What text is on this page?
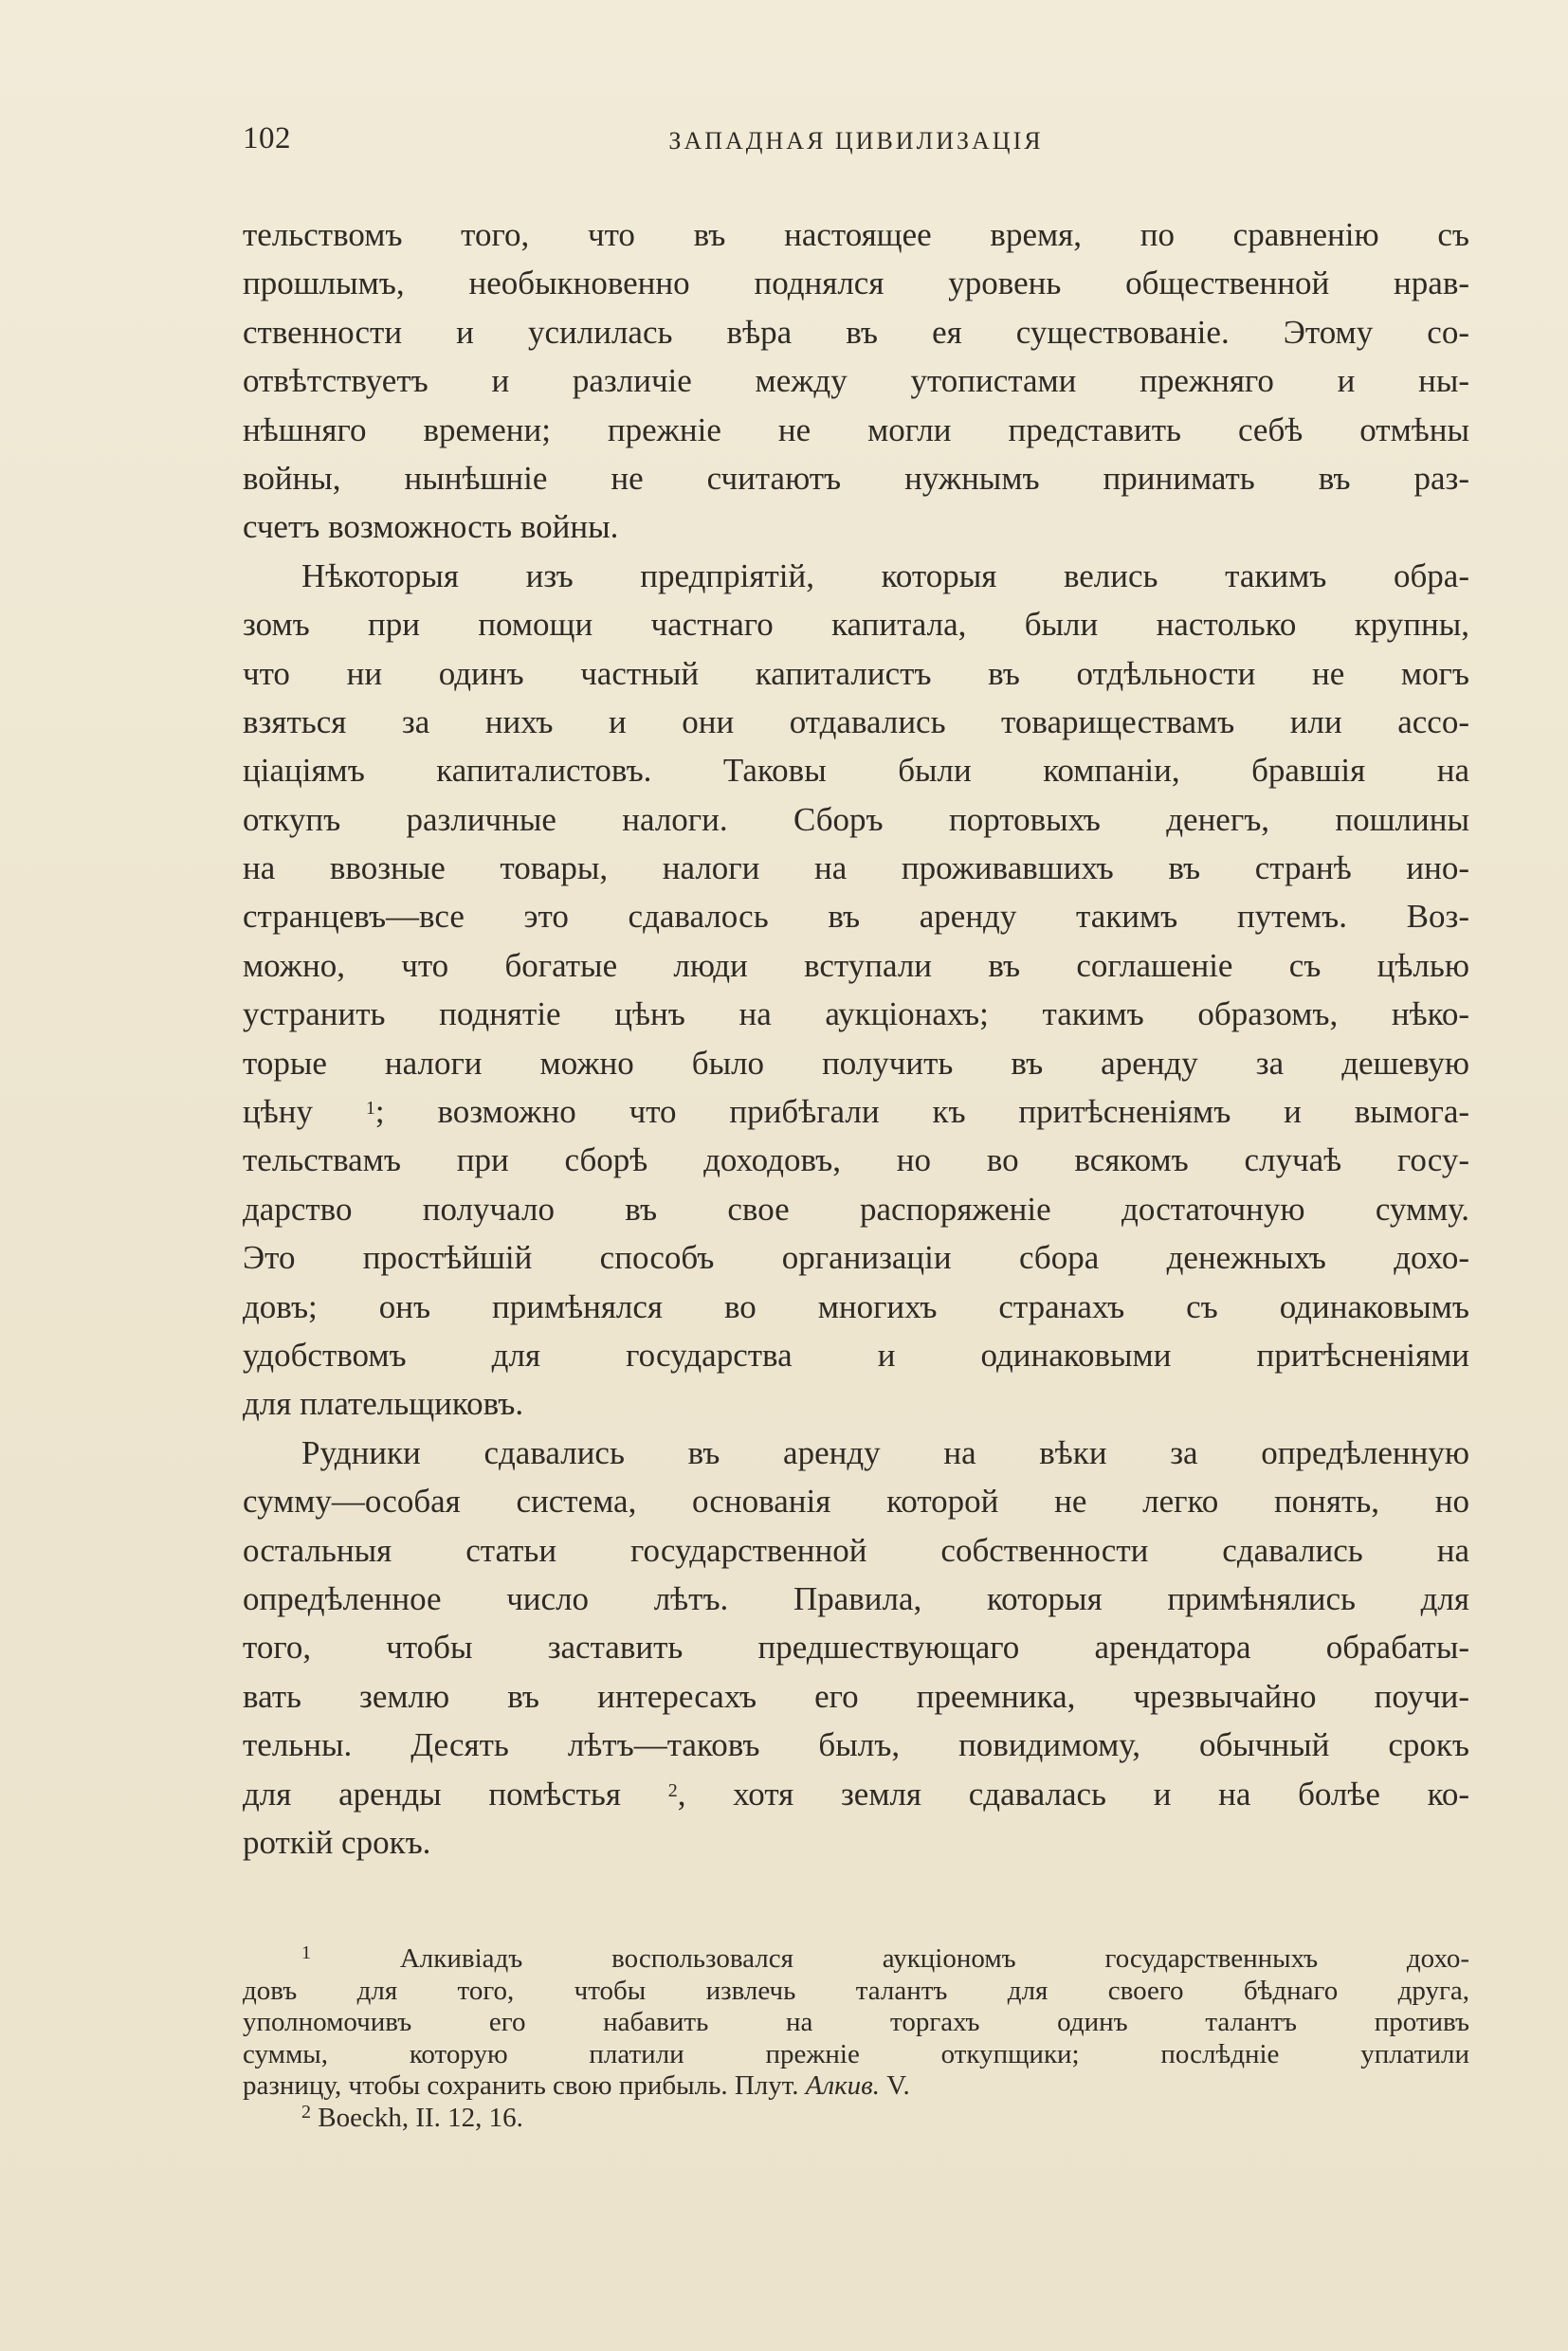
102	ЗАПАДНАЯ ЦИВИЛИЗАЦІЯ
тельствомъ того, что въ настоящее время, по сравненію съ
прошлымъ, необыкновенно поднялся уровень общественной нрав-
ственности и усилилась вѣра въ ея существованіе. Этому со-
отвѣтствуетъ и различіе между утопистами прежняго и ны-
нѣшняго времени; прежніе не могли представить себѣ отмѣны
войны, нынѣшніе не считаютъ нужнымъ принимать въ раз-
счетъ возможность войны.
Нѣкоторыя изъ предпріятій, которыя велись такимъ обра-
зомъ при помощи частнаго капитала, были настолько крупны,
что ни одинъ частный капиталистъ въ отдѣльности не могъ
взяться за нихъ и они отдавались товариществамъ или ассо-
ціаціямъ капиталистовъ. Таковы были компаніи, бравшія на
откупъ различные налоги. Сборъ портовыхъ денегъ, пошлины
на ввозные товары, налоги на проживавшихъ въ странѣ ино-
странцевъ—все это сдавалось въ аренду такимъ путемъ. Воз-
можно, что богатые люди вступали въ соглашеніе съ цѣлью
устранить поднятіе цѣнъ на аукціонахъ; такимъ образомъ, нѣко-
торые налоги можно было получить въ аренду за дешевую
цѣну	$^1$; возможно что прибѣгали къ притѣсненіямъ и вымога-
тельствамъ при сборѣ доходовъ, но во всякомъ случаѣ госу-
дарство получало въ свое распоряженіе достаточную сумму.
Это простѣйшій способъ организаціи сбора денежныхъ дохо-
довъ; онъ примѣнялся во многихъ странахъ съ одинаковымъ
удобствомъ для государства и одинаковыми притѣсненіями
для плательщиковъ.
Рудники сдавались въ аренду на вѣки за опредѣленную
сумму—особая система, основанія которой не легко понять, но
остальныя статьи государственной собственности сдавались на
опредѣленное число лѣтъ. Правила, которыя примѣнялись для
того, чтобы заставить предшествующаго арендатора обрабаты-
вать землю въ интересахъ его преемника, чрезвычайно поучи-
тельны. Десять лѣтъ—таковъ былъ, повидимому, обычный срокъ
для аренды помѣстья $^2$, хотя земля сдавалась и на болѣе ко-
роткій срокъ.
$^1$	Алкивіадъ воспользовался аукціономъ государственныхъ дохо-
довъ для того, чтобы извлечь талантъ для своего бѣднаго друга,
уполномочивъ его набавить на торгахъ одинъ талантъ противъ
суммы, которую платили прежніе откупщики; послѣдніе уплатили
разницу, чтобы сохранить свою прибыль. Плут. Алкив. V.
$^2$ Boeckh, II. 12, 16.
